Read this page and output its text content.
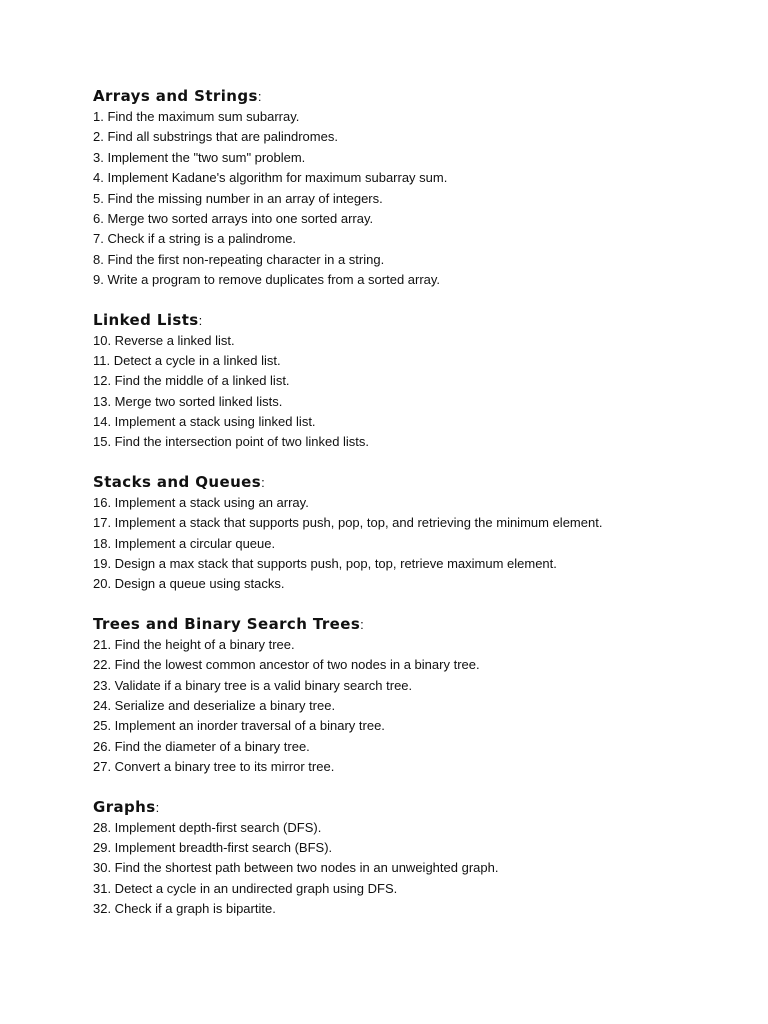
Arrays and Strings:
1. Find the maximum sum subarray.
2. Find all substrings that are palindromes.
3. Implement the "two sum" problem.
4. Implement Kadane's algorithm for maximum subarray sum.
5. Find the missing number in an array of integers.
6. Merge two sorted arrays into one sorted array.
7. Check if a string is a palindrome.
8. Find the first non-repeating character in a string.
9. Write a program to remove duplicates from a sorted array.
Linked Lists:
10. Reverse a linked list.
11. Detect a cycle in a linked list.
12. Find the middle of a linked list.
13. Merge two sorted linked lists.
14. Implement a stack using linked list.
15. Find the intersection point of two linked lists.
Stacks and Queues:
16. Implement a stack using an array.
17. Implement a stack that supports push, pop, top, and retrieving the minimum element.
18. Implement a circular queue.
19. Design a max stack that supports push, pop, top, retrieve maximum element.
20. Design a queue using stacks.
Trees and Binary Search Trees:
21. Find the height of a binary tree.
22. Find the lowest common ancestor of two nodes in a binary tree.
23. Validate if a binary tree is a valid binary search tree.
24. Serialize and deserialize a binary tree.
25. Implement an inorder traversal of a binary tree.
26. Find the diameter of a binary tree.
27. Convert a binary tree to its mirror tree.
Graphs:
28. Implement depth-first search (DFS).
29. Implement breadth-first search (BFS).
30. Find the shortest path between two nodes in an unweighted graph.
31. Detect a cycle in an undirected graph using DFS.
32. Check if a graph is bipartite.
